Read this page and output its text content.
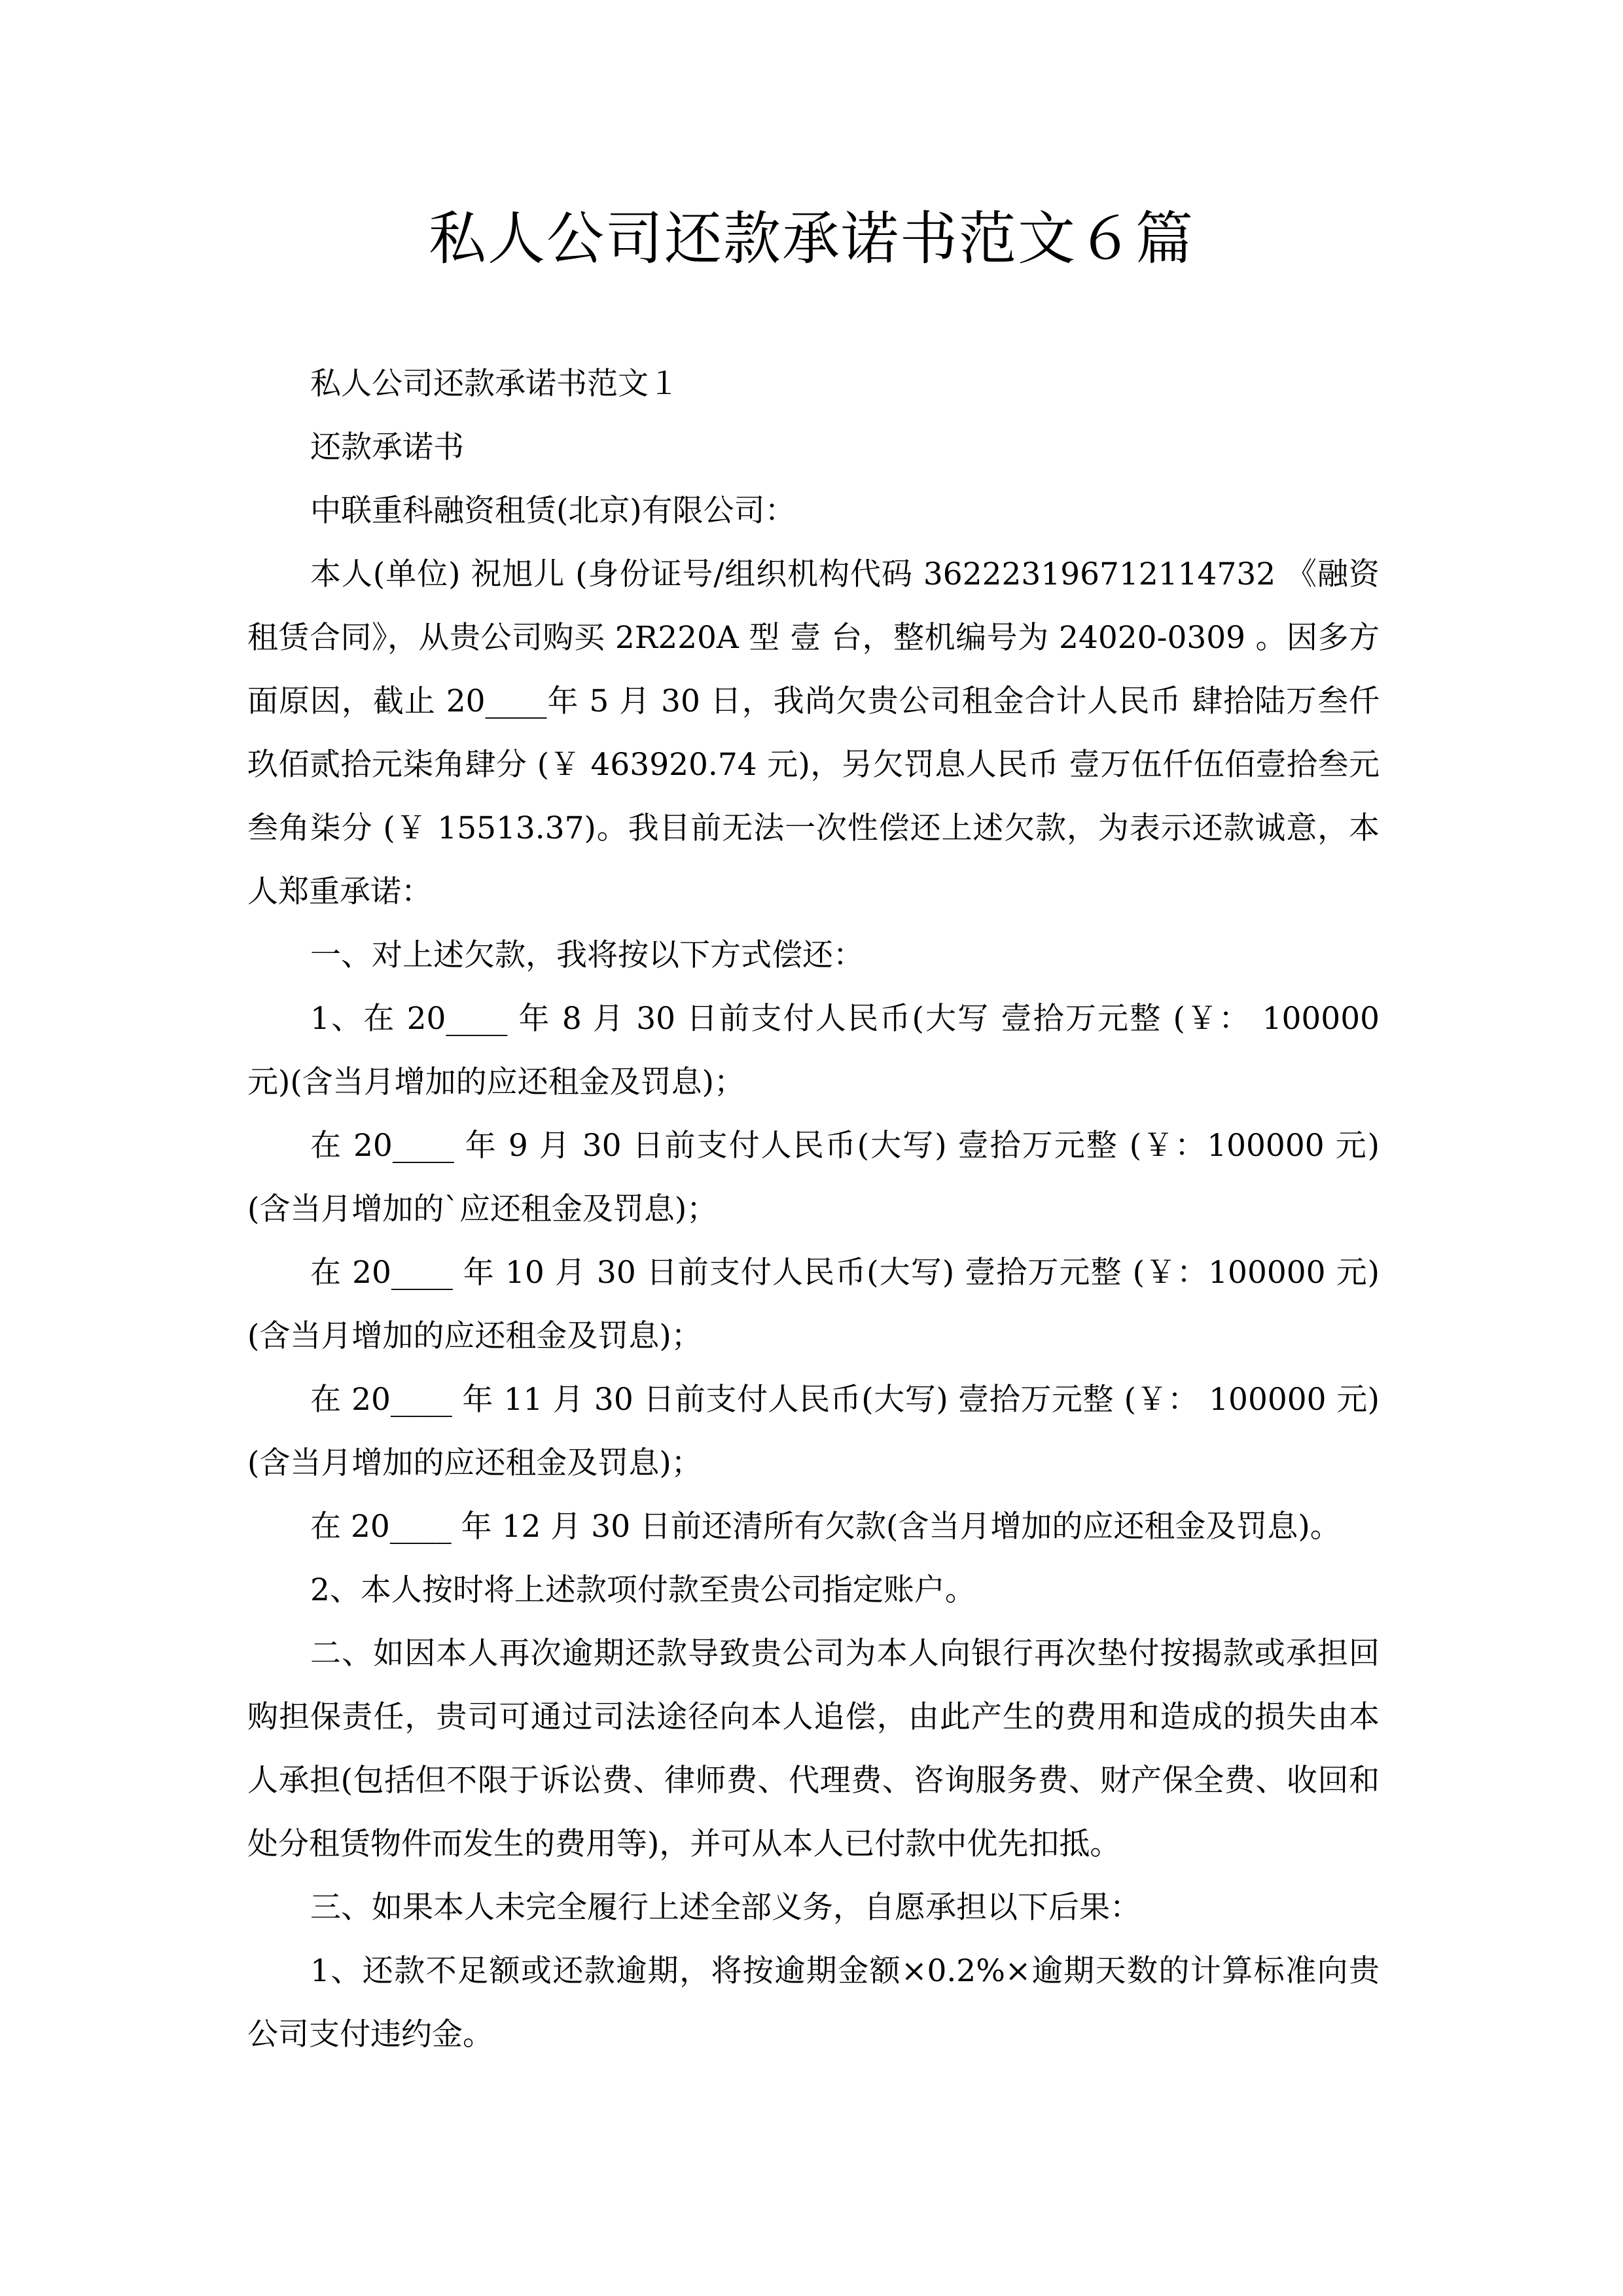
私人公司还款承诺书范文６篇

私人公司还款承诺书范文１

还款承诺书

中联重科融资租赁(北京)有限公司：

本人(单位) 祝旭儿 (身份证号/组织机构代码 362223196712114732 《融资租赁合同》，从贵公司购买 2R220A 型 壹 台，整机编号为 24020-0309 。因多方面原因，截止 20____年 5 月 30 日，我尚欠贵公司租金合计人民币 肆拾陆万叁仟玖佰贰拾元柒角肆分 (￥ 463920.74 元)，另欠罚息人民币 壹万伍仟伍佰壹拾叁元叁角柒分 (￥ 15513.37)。我目前无法一次性偿还上述欠款，为表示还款诚意，本人郑重承诺：

一、对上述欠款，我将按以下方式偿还：

1、在 20____ 年 8 月 30 日前支付人民币(大写 壹拾万元整 (￥： 100000 元)(含当月增加的应还租金及罚息)；

在 20____ 年 9 月 30 日前支付人民币(大写) 壹拾万元整 (￥：100000 元)(含当月增加的`应还租金及罚息)；

在 20____ 年 10 月 30 日前支付人民币(大写) 壹拾万元整 (￥：100000 元)(含当月增加的应还租金及罚息)；

在 20____ 年 11 月 30 日前支付人民币(大写) 壹拾万元整 (￥： 100000 元)(含当月增加的应还租金及罚息)；

在 20____ 年 12 月 30 日前还清所有欠款(含当月增加的应还租金及罚息)。

2、本人按时将上述款项付款至贵公司指定账户。

二、如因本人再次逾期还款导致贵公司为本人向银行再次垫付按揭款或承担回购担保责任，贵司可通过司法途径向本人追偿，由此产生的费用和造成的损失由本人承担(包括但不限于诉讼费、律师费、代理费、咨询服务费、财产保全费、收回和处分租赁物件而发生的费用等)，并可从本人已付款中优先扣抵。

三、如果本人未完全履行上述全部义务，自愿承担以下后果：

1、还款不足额或还款逾期，将按逾期金额×0.2%×逾期天数的计算标准向贵公司支付违约金。
